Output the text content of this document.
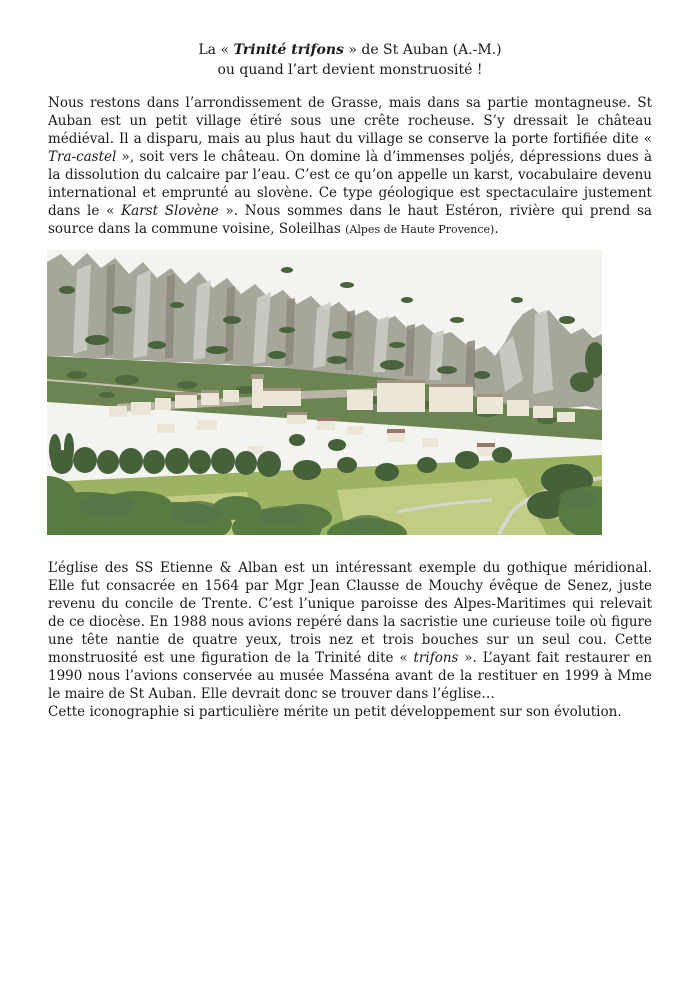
La « Trinité trifons » de St Auban (A.-M.)
ou quand l’art devient monstruosité !

Nous restons dans l’arrondissement de Grasse, mais dans sa partie montagneuse. St Auban est un petit village étiré sous une crête rocheuse. S’y dressait le château médiéval. Il a disparu, mais au plus haut du village se conserve la porte fortifiée dite « Tra-castel », soit vers le château. On domine là d’immenses poljés, dépressions dues à la dissolution du calcaire par l’eau. C’est ce qu’on appelle un karst, vocabulaire devenu international et emprunté au slovène. Ce type géologique est spectaculaire justement dans le « Karst Slovène ». Nous sommes dans le haut Estéron, rivière qui prend sa source dans la commune voisine, Soleilhas (Alpes de Haute Provence).

L’église des SS Etienne & Alban est un intéressant exemple du gothique méridional. Elle fut consacrée en 1564 par Mgr Jean Clausse de Mouchy évêque de Senez, juste revenu du concile de Trente. C’est l’unique paroisse des Alpes-Maritimes qui relevait de ce diocèse. En 1988 nous avions repéré dans la sacristie une curieuse toile où figure une tête nantie de quatre yeux, trois nez et trois bouches sur un seul cou. Cette monstruosité est une figuration de la Trinité dite « trifons ». L’ayant fait restaurer en 1990 nous l’avions conservée au musée Masséna avant de la restituer en 1999 à Mme le maire de St Auban. Elle devrait donc se trouver dans l’église…

Cette iconographie si particulière mérite un petit développement sur son évolution.
